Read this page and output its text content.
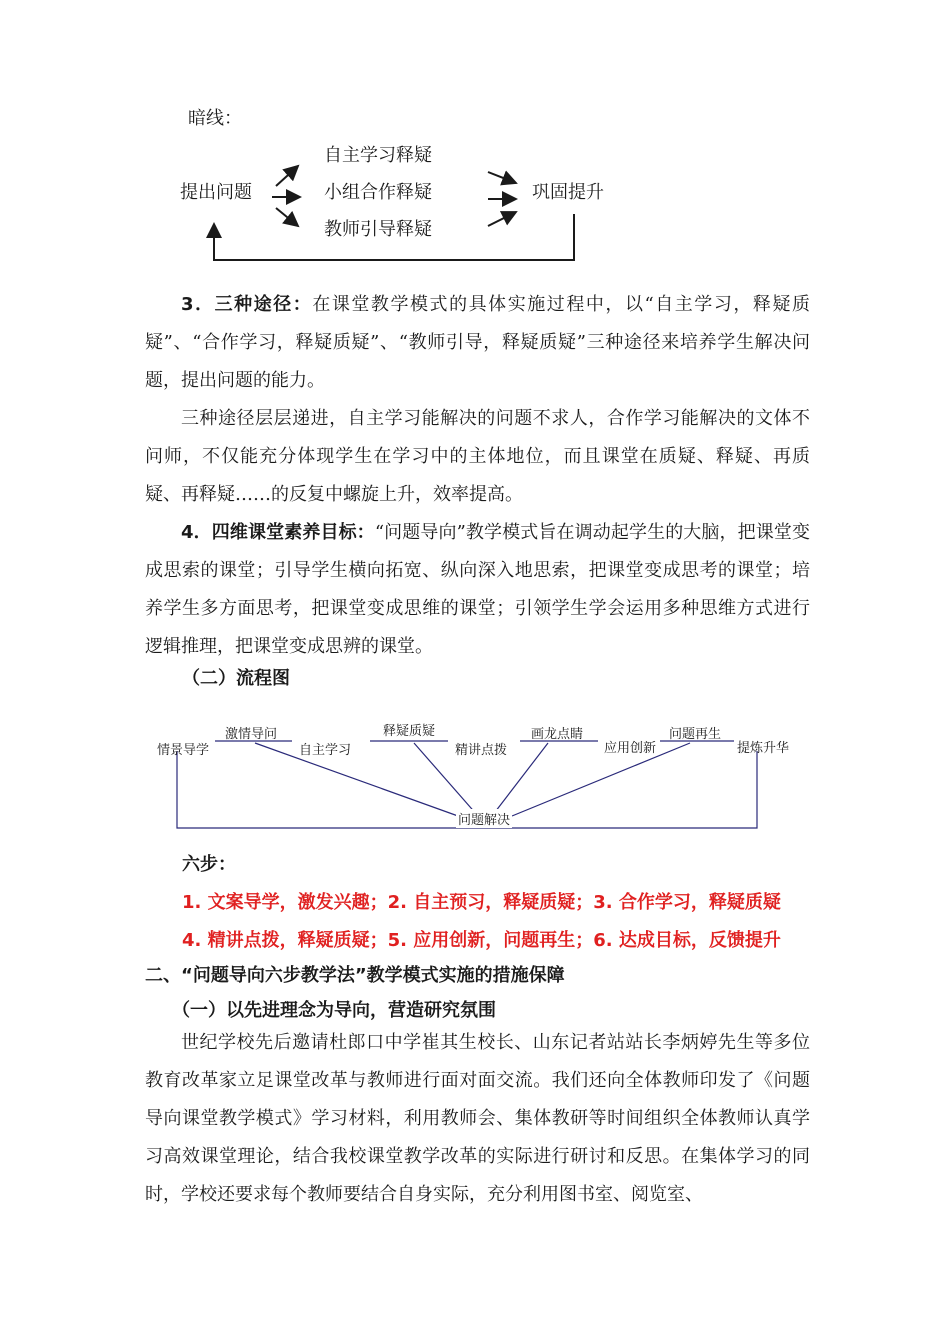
暗线：
提出问题
自主学习释疑
小组合作释疑
教师引导释疑
巩固提升
3．三种途径：在课堂教学模式的具体实施过程中，以“自主学习，释疑质疑”、“合作学习，释疑质疑”、“教师引导，释疑质疑”三种途径来培养学生解决问题，提出问题的能力。
三种途径层层递进，自主学习能解决的问题不求人，合作学习能解决的文体不问师，不仅能充分体现学生在学习中的主体地位，而且课堂在质疑、释疑、再质疑、再释疑……的反复中螺旋上升，效率提高。
4．四维课堂素养目标：“问题导向”教学模式旨在调动起学生的大脑，把课堂变成思索的课堂；引导学生横向拓宽、纵向深入地思索，把课堂变成思考的课堂；培养学生多方面思考，把课堂变成思维的课堂；引领学生学会运用多种思维方式进行逻辑推理，把课堂变成思辨的课堂。
（二）流程图
激情导问	释疑质疑	画龙点睛	问题再生
情景导学	自主学习	精讲点拨	应用创新	提炼升华
问题解决
六步：
1. 文案导学，激发兴趣；2. 自主预习，释疑质疑；3. 合作学习，释疑质疑
4. 精讲点拨，释疑质疑；5. 应用创新，问题再生；6. 达成目标，反馈提升
二、“问题导向六步教学法”教学模式实施的措施保障
（一）以先进理念为导向，营造研究氛围
世纪学校先后邀请杜郎口中学崔其生校长、山东记者站站长李炳婷先生等多位教育改革家立足课堂改革与教师进行面对面交流。我们还向全体教师印发了《问题导向课堂教学模式》学习材料，利用教师会、集体教研等时间组织全体教师认真学习高效课堂理论，结合我校课堂教学改革的实际进行研讨和反思。在集体学习的同时，学校还要求每个教师要结合自身实际，充分利用图书室、阅览室、
